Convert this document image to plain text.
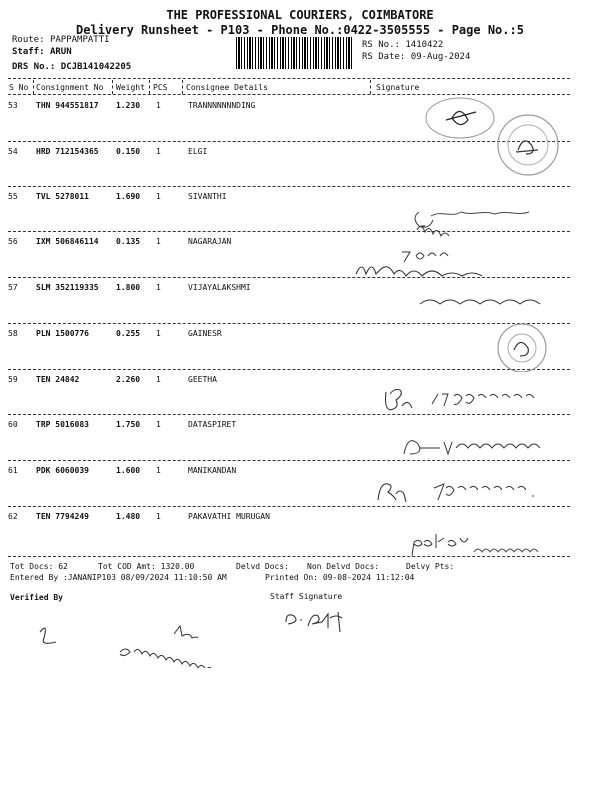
THE PROFESSIONAL COURIERS, COIMBATORE
Delivery Runsheet - P103 - Phone No.:0422-3505555 - Page No.:5
Route: PAPPAMPATTI
Staff: ARUN
DRS No.: DCJB141042205
RS No.: 1410422
RS Date: 09-Aug-2024
S No Consignment No Weight PCS Consignee Details	Signature
53 THN 944551817 1.230 1	TRANNNNNNNDING
54 HRD 712154365 0.150 1	ELGI
55 TVL 5278011	1.690 1	SIVANTHI
56 IXM 506846114 0.135 1	NAGARAJAN
57 SLM 352119335 1.800 1	VIJAYALAKSHMI
58 PLN 1500776	0.255 1	GAINESR
59 TEN 24842	2.260 1	GEETHA
60 TRP 5016083	1.750 1	DATASPIRET
61 PDK 6060039	1.600 1	MANIKANDAN
62 TEN 7794249	1.480 1	PAKAVATHI MURUGAN
Tot Docs: 62	Tot COD Amt: 1320.00	Delvd Docs: Non Delvd Docs:	Delvy Pts:
Entered By :JANANIP103 08/09/2024 11:10:50 AM	Printed On: 09-08-2024 11:12:04
Verified By	Staff Signature
